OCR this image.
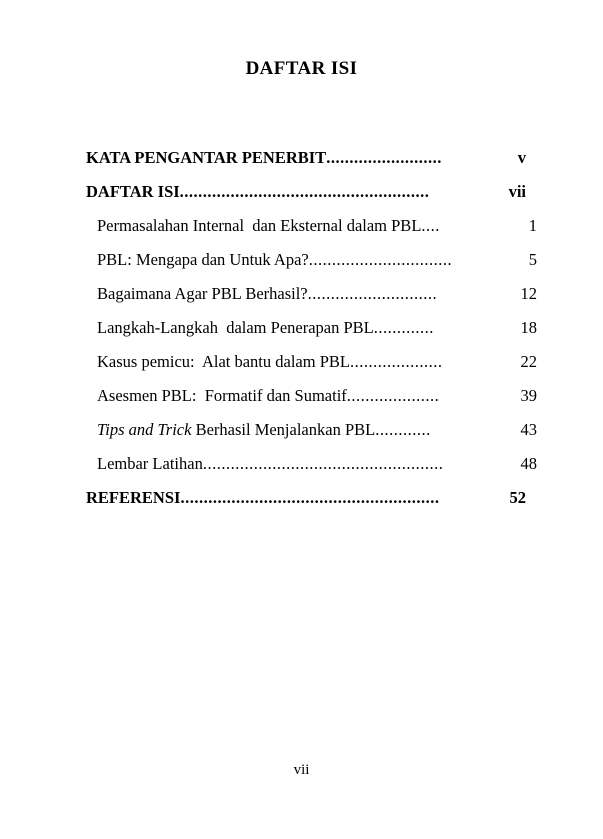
DAFTAR ISI
KATA PENGANTAR PENERBIT .........................	v
DAFTAR ISI ......................................................	vii
Permasalahan Internal  dan Eksternal dalam PBL ....	1
PBL: Mengapa dan Untuk Apa? ...............................	5
Bagaimana Agar PBL Berhasil? ............................	12
Langkah-Langkah  dalam Penerapan PBL .............	18
Kasus pemicu:  Alat bantu dalam PBL ....................	22
Asesmen PBL:  Formatif dan Sumatif ....................	39
Tips and Trick Berhasil Menjalankan PBL ............	43
Lembar Latihan ....................................................	48
REFERENSI ........................................................	52
vii
